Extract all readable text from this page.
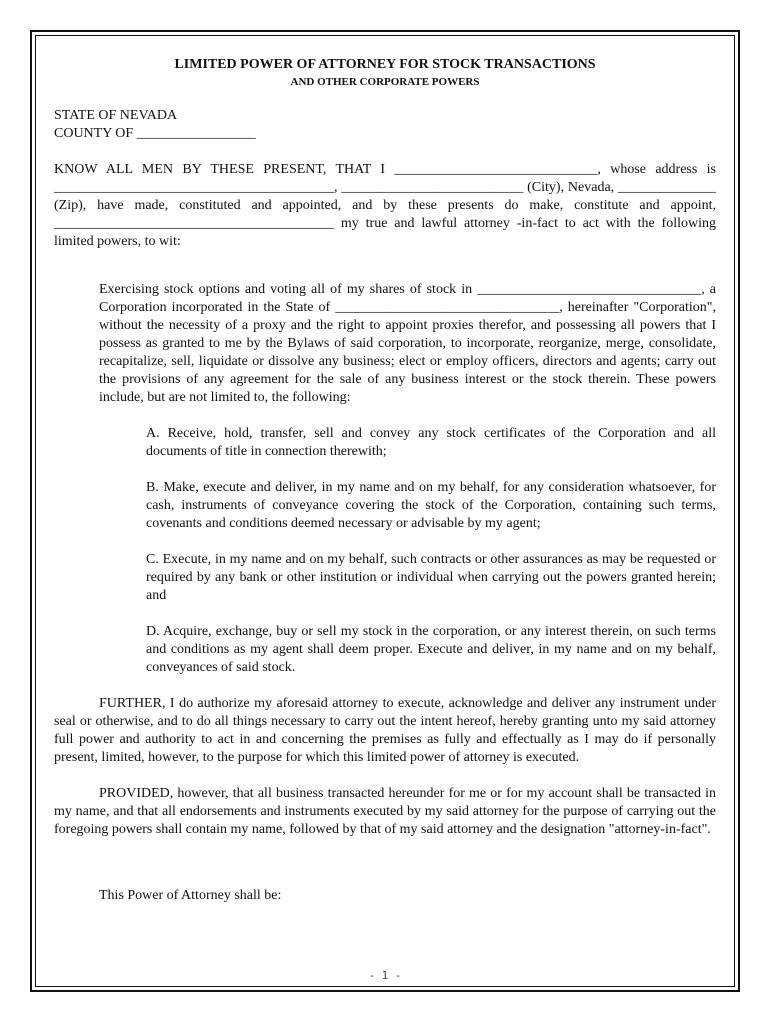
LIMITED POWER OF ATTORNEY FOR STOCK TRANSACTIONS

AND OTHER CORPORATE POWERS

STATE OF NEVADA

COUNTY OF _________________

KNOW ALL MEN BY THESE PRESENT, THAT I _____________________________, whose address is ________________________________________, __________________________ (City), Nevada, ______________ (Zip), have made, constituted and appointed, and by these presents do make, constitute and appoint, ________________________________________ my true and lawful attorney -in-fact to act with the following limited powers, to wit:

Exercising stock options and voting all of my shares of stock in ________________________________, a Corporation incorporated in the State of ________________________________, hereinafter "Corporation", without the necessity of a proxy and the right to appoint proxies therefor, and possessing all powers that I possess as granted to me by the Bylaws of said corporation, to incorporate, reorganize, merge, consolidate, recapitalize, sell, liquidate or dissolve any business; elect or employ officers, directors and agents; carry out the provisions of any agreement for the sale of any business interest or the stock therein. These powers include, but are not limited to, the following:

A. Receive, hold, transfer, sell and convey any stock certificates of the Corporation and all documents of title in connection therewith;

B. Make, execute and deliver, in my name and on my behalf, for any consideration whatsoever, for cash, instruments of conveyance covering the stock of the Corporation, containing such terms, covenants and conditions deemed necessary or advisable by my agent;

C. Execute, in my name and on my behalf, such contracts or other assurances as may be requested or required by any bank or other institution or individual when carrying out the powers granted herein; and

D. Acquire, exchange, buy or sell my stock in the corporation, or any interest therein, on such terms and conditions as my agent shall deem proper. Execute and deliver, in my name and on my behalf, conveyances of said stock.

FURTHER, I do authorize my aforesaid attorney to execute, acknowledge and deliver any instrument under seal or otherwise, and to do all things necessary to carry out the intent hereof, hereby granting unto my said attorney full power and authority to act in and concerning the premises as fully and effectually as I may do if personally present, limited, however, to the purpose for which this limited power of attorney is executed.

PROVIDED, however, that all business transacted hereunder for me or for my account shall be transacted in my name, and that all endorsements and instruments executed by my said attorney for the purpose of carrying out the foregoing powers shall contain my name, followed by that of my said attorney and the designation "attorney-in-fact".

This Power of Attorney shall be:

- 1 -
